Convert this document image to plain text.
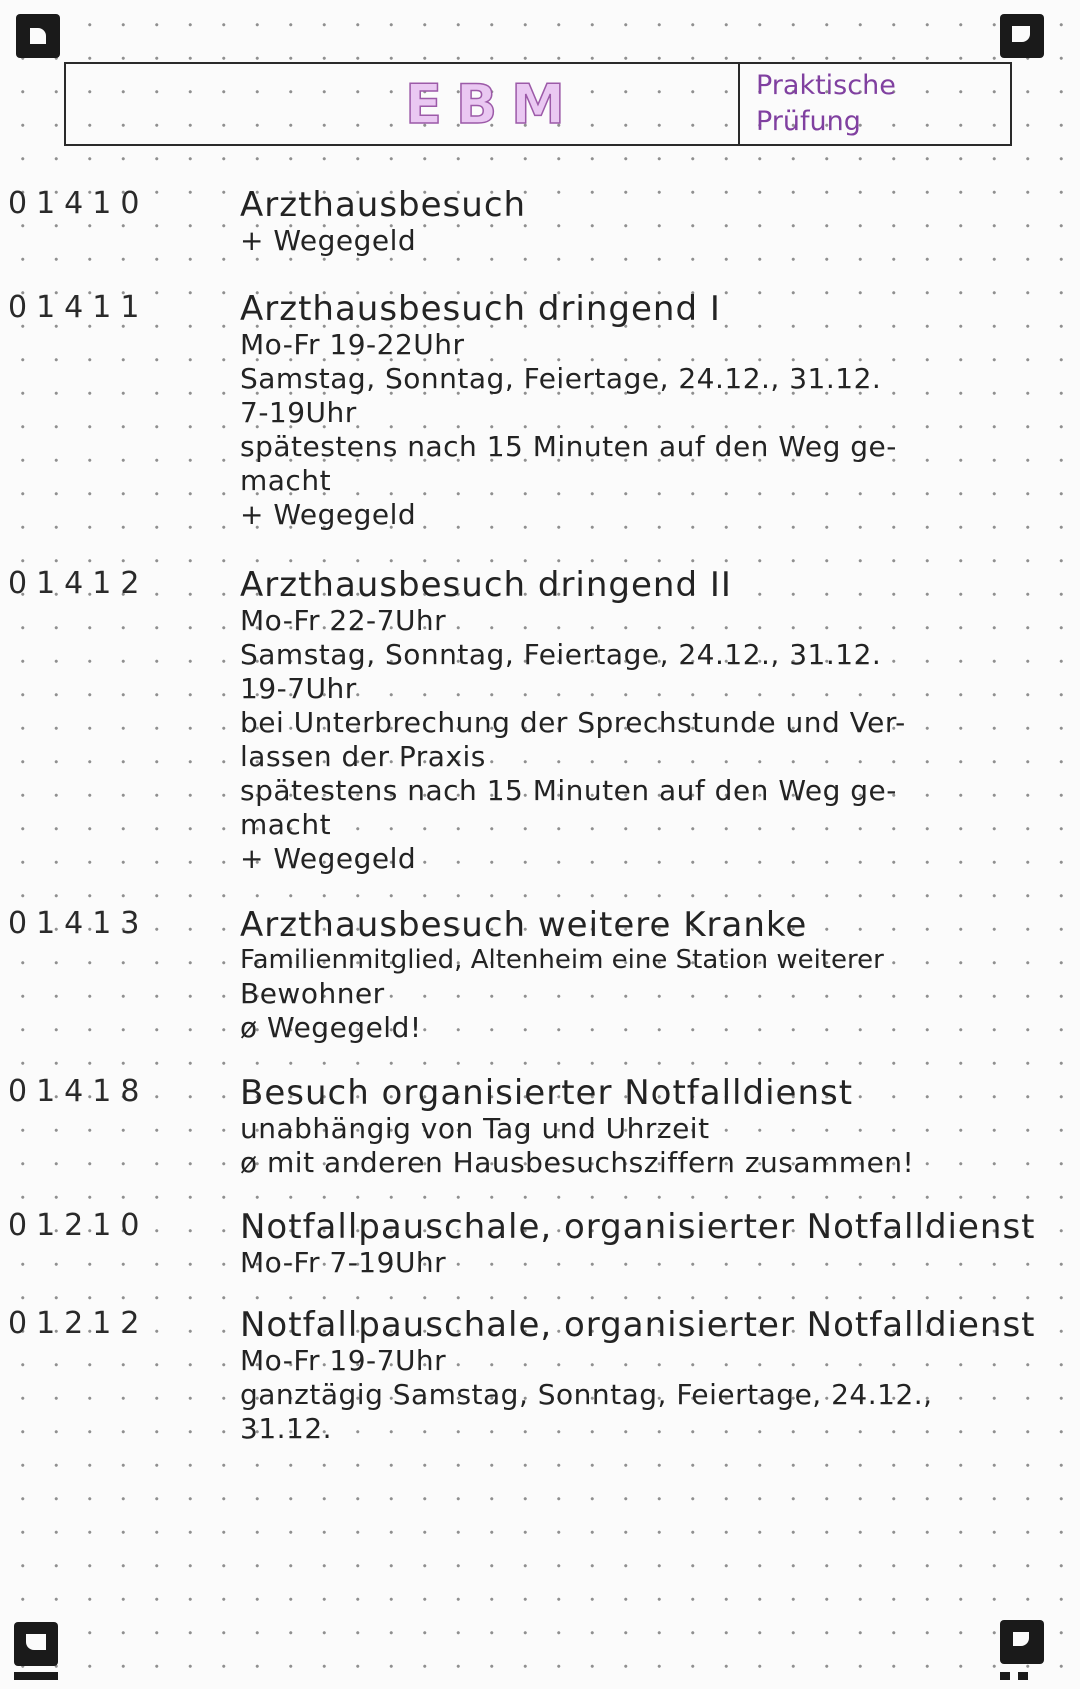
EBM	Praktische
Prüfung
01410	Arzthausbesuch
+ Wegegeld
01411	Arzthausbesuch dringend I
Mo-Fr 19-22Uhr
Samstag, Sonntag, Feiertage, 24.12., 31.12.
7-19Uhr
spätestens nach 15 Minuten auf den Weg ge-
macht
+ Wegegeld
01412	Arzthausbesuch dringend II
Mo-Fr 22-7Uhr
Samstag, Sonntag, Feiertage, 24.12., 31.12.
19-7Uhr
bei Unterbrechung der Sprechstunde und Ver-
lassen der Praxis
spätestens nach 15 Minuten auf den Weg ge-
macht
+ Wegegeld
01413	Arzthausbesuch weitere Kranke
Familienmitglied, Altenheim eine Station weiterer
Bewohner
ø Wegegeld!
01418	Besuch organisierter Notfalldienst
unabhängig von Tag und Uhrzeit
ø mit anderen Hausbesuchsziffern zusammen!
01210	Notfallpauschale, organisierter Notfalldienst
Mo-Fr 7-19Uhr
01212	Notfallpauschale, organisierter Notfalldienst
Mo-Fr 19-7Uhr
ganztägig Samstag, Sonntag, Feiertage, 24.12.,
31.12.
